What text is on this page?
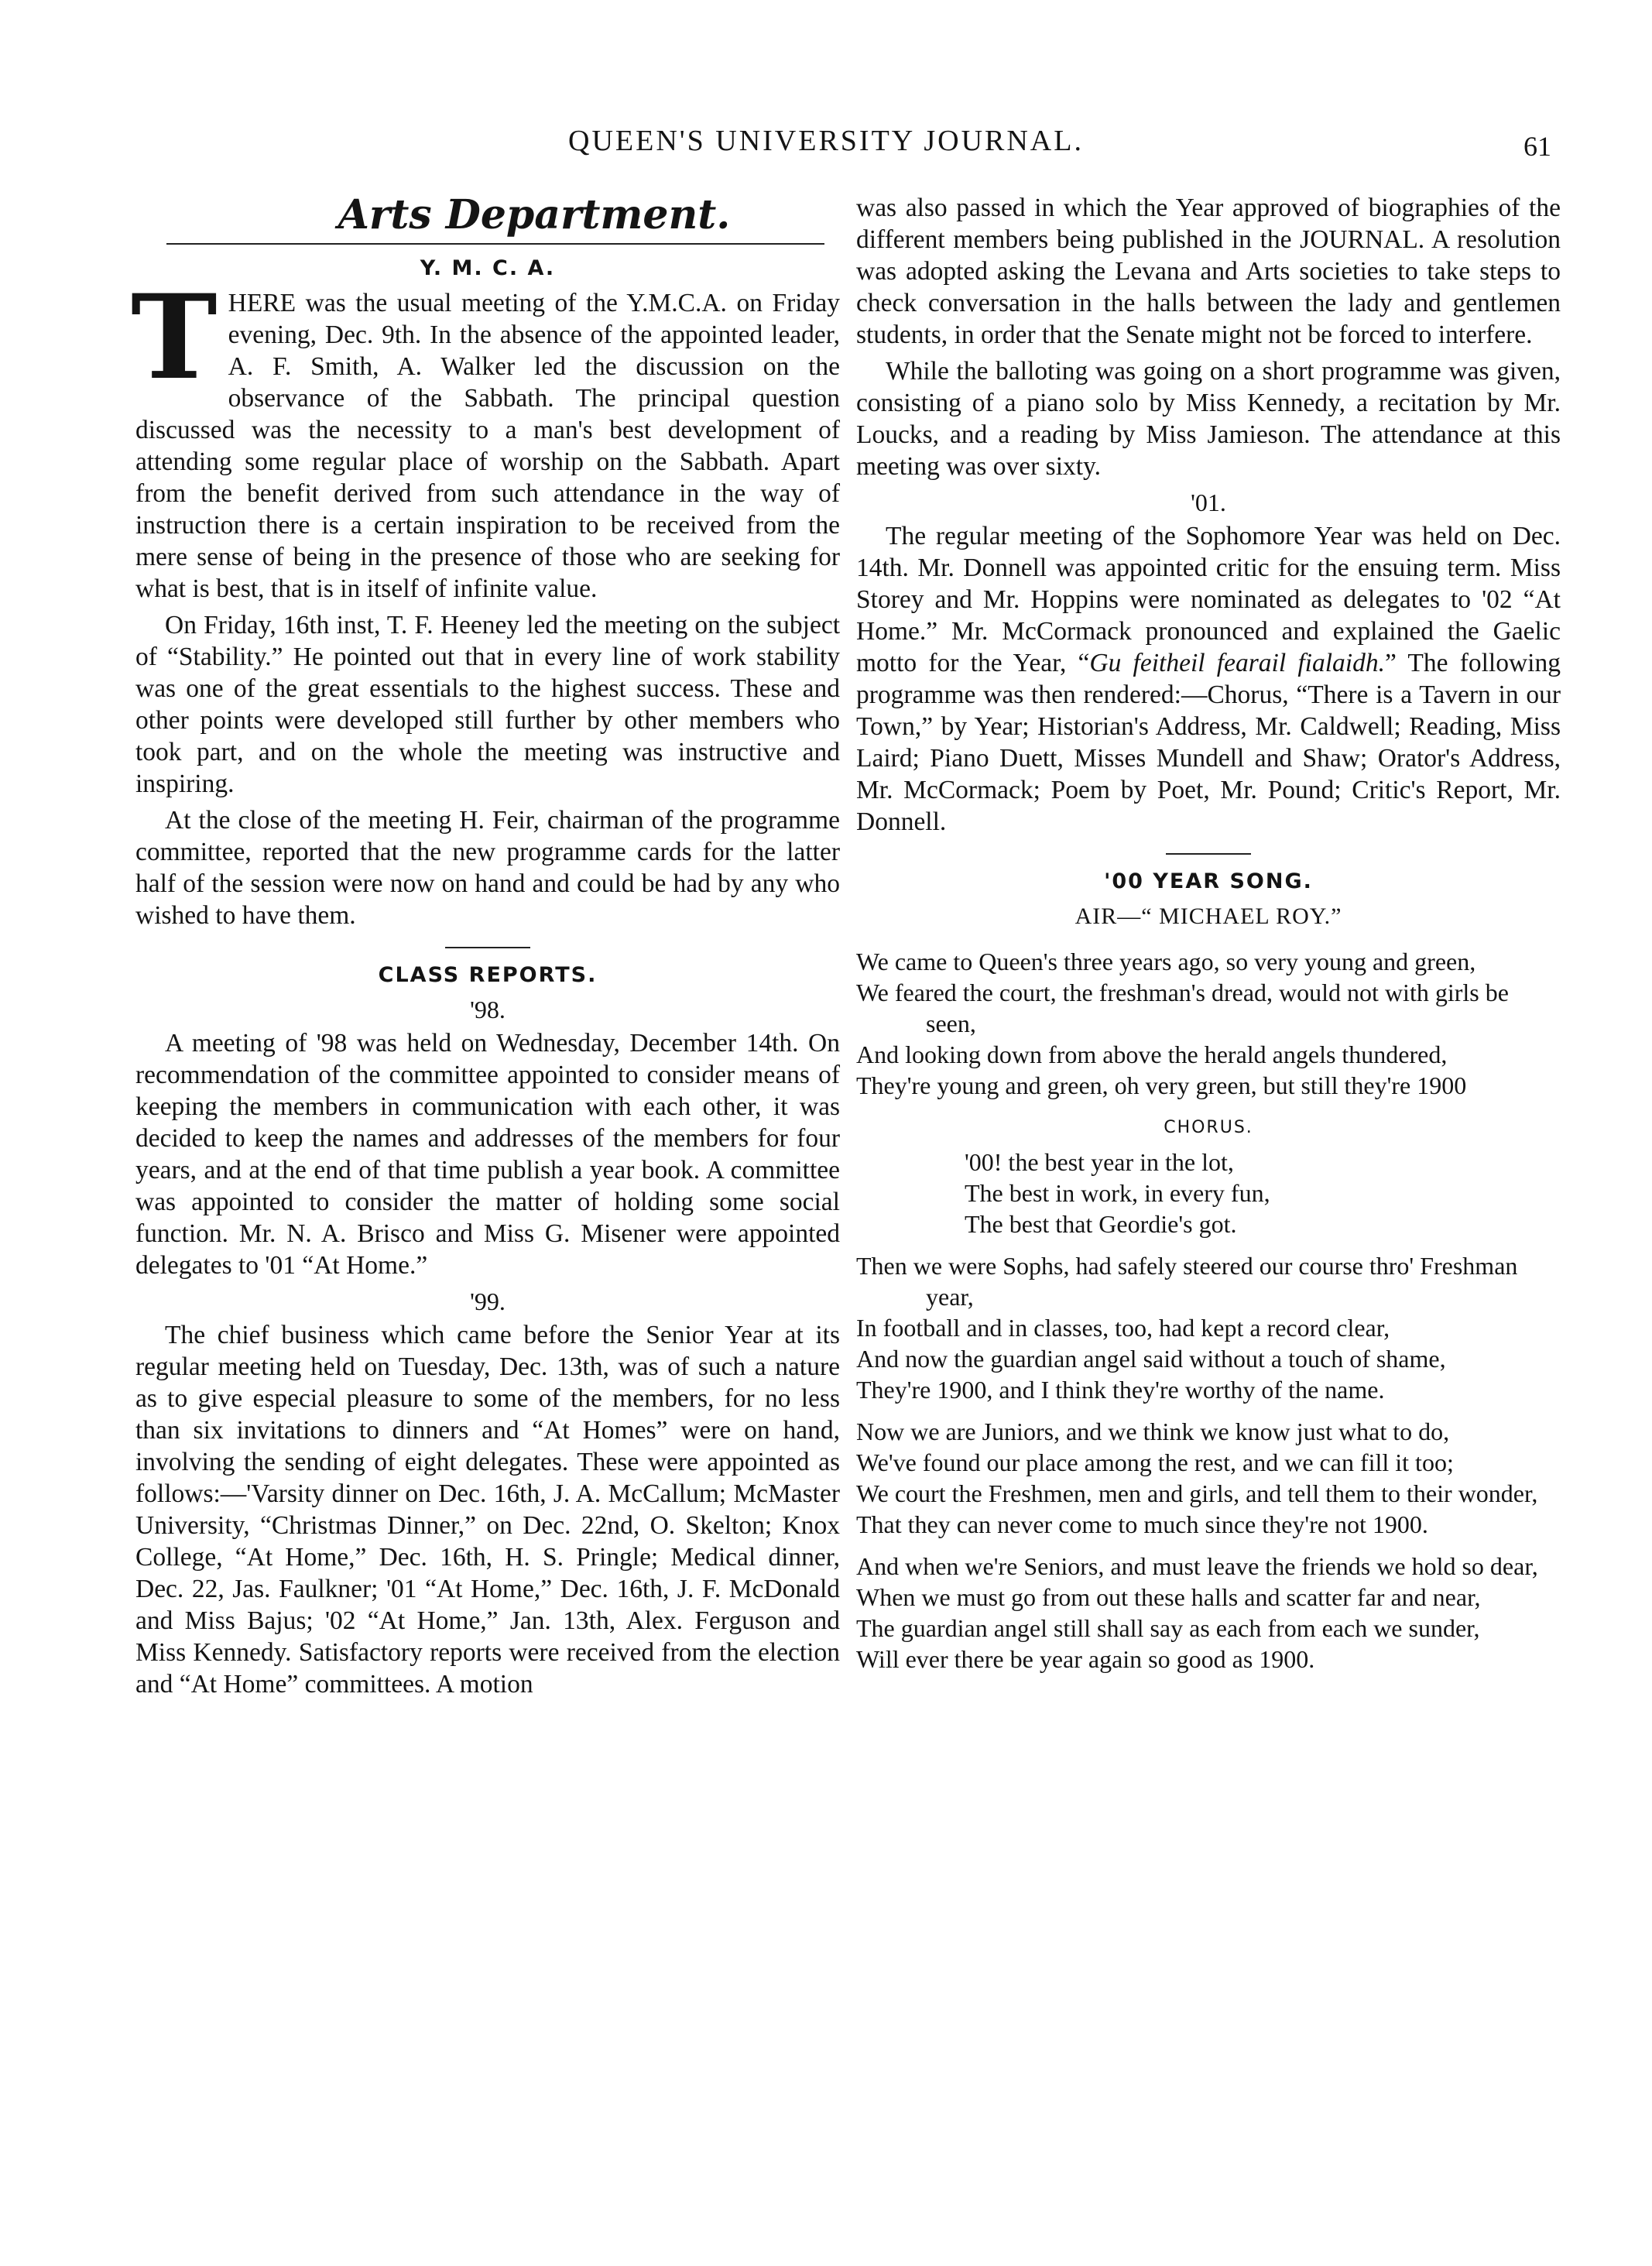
QUEEN'S UNIVERSITY JOURNAL.	61
Arts Department.
Y. M. C. A.

THERE was the usual meeting of the Y.M.C.A. on Friday evening, Dec. 9th. In the absence of the appointed leader, A. F. Smith, A. Walker led the discussion on the observance of the Sabbath. The principal question discussed was the necessity to a man's best development of attending some regular place of worship on the Sabbath. Apart from the benefit derived from such attendance in the way of instruction there is a certain inspiration to be received from the mere sense of being in the presence of those who are seeking for what is best, that is in itself of infinite value.

On Friday, 16th inst, T. F. Heeney led the meeting on the subject of “Stability.” He pointed out that in every line of work stability was one of the great essentials to the highest success. These and other points were developed still further by other members who took part, and on the whole the meeting was instructive and inspiring.

At the close of the meeting H. Feir, chairman of the programme committee, reported that the new programme cards for the latter half of the session were now on hand and could be had by any who wished to have them.

CLASS REPORTS.
'98.

A meeting of '98 was held on Wednesday, December 14th. On recommendation of the committee appointed to consider means of keeping the members in communication with each other, it was decided to keep the names and addresses of the members for four years, and at the end of that time publish a year book. A committee was appointed to consider the matter of holding some social function. Mr. N. A. Brisco and Miss G. Misener were appointed delegates to '01 “At Home.”

'99.

The chief business which came before the Senior Year at its regular meeting held on Tuesday, Dec. 13th, was of such a nature as to give especial pleasure to some of the members, for no less than six invitations to dinners and “At Homes” were on hand, involving the sending of eight delegates. These were appointed as follows:—'Varsity dinner on Dec. 16th, J. A. McCallum; McMaster University, “Christmas Dinner,” on Dec. 22nd, O. Skelton; Knox College, “At Home,” Dec. 16th, H. S. Pringle; Medical dinner, Dec. 22, Jas. Faulkner; '01 “At Home,” Dec. 16th, J. F. McDonald and Miss Bajus; '02 “At Home,” Jan. 13th, Alex. Ferguson and Miss Kennedy. Satisfactory reports were received from the election and “At Home” committees. A motion

was also passed in which the Year approved of biographies of the different members being published in the JOURNAL. A resolution was adopted asking the Levana and Arts societies to take steps to check conversation in the halls between the lady and gentlemen students, in order that the Senate might not be forced to interfere.

While the balloting was going on a short programme was given, consisting of a piano solo by Miss Kennedy, a recitation by Mr. Loucks, and a reading by Miss Jamieson. The attendance at this meeting was over sixty.

'01.

The regular meeting of the Sophomore Year was held on Dec. 14th. Mr. Donnell was appointed critic for the ensuing term. Miss Storey and Mr. Hoppins were nominated as delegates to '02 “At Home.” Mr. McCormack pronounced and explained the Gaelic motto for the Year, “Gu feitheil fearail fialaidh.” The following programme was then rendered:—Chorus, “There is a Tavern in our Town,” by Year; Historian's Address, Mr. Caldwell; Reading, Miss Laird; Piano Duett, Misses Mundell and Shaw; Orator's Address, Mr. McCormack; Poem by Poet, Mr. Pound; Critic's Report, Mr. Donnell.

'00 YEAR SONG.
AIR—“ MICHAEL ROY.”
We came to Queen's three years ago, so very young and green,
We feared the court, the freshman's dread, would not with girls be seen,
And looking down from above the herald angels thundered,
They're young and green, oh very green, but still they're 1900
CHORUS.
'00! the best year in the lot,
The best in work, in every fun,
The best that Geordie's got.
Then we were Sophs, had safely steered our course thro' Freshman year,
In football and in classes, too, had kept a record clear,
And now the guardian angel said without a touch of shame,
They're 1900, and I think they're worthy of the name.
Now we are Juniors, and we think we know just what to do,
We've found our place among the rest, and we can fill it too;
We court the Freshmen, men and girls, and tell them to their wonder,
That they can never come to much since they're not 1900.
And when we're Seniors, and must leave the friends we hold so dear,
When we must go from out these halls and scatter far and near,
The guardian angel still shall say as each from each we sunder,
Will ever there be year again so good as 1900.
